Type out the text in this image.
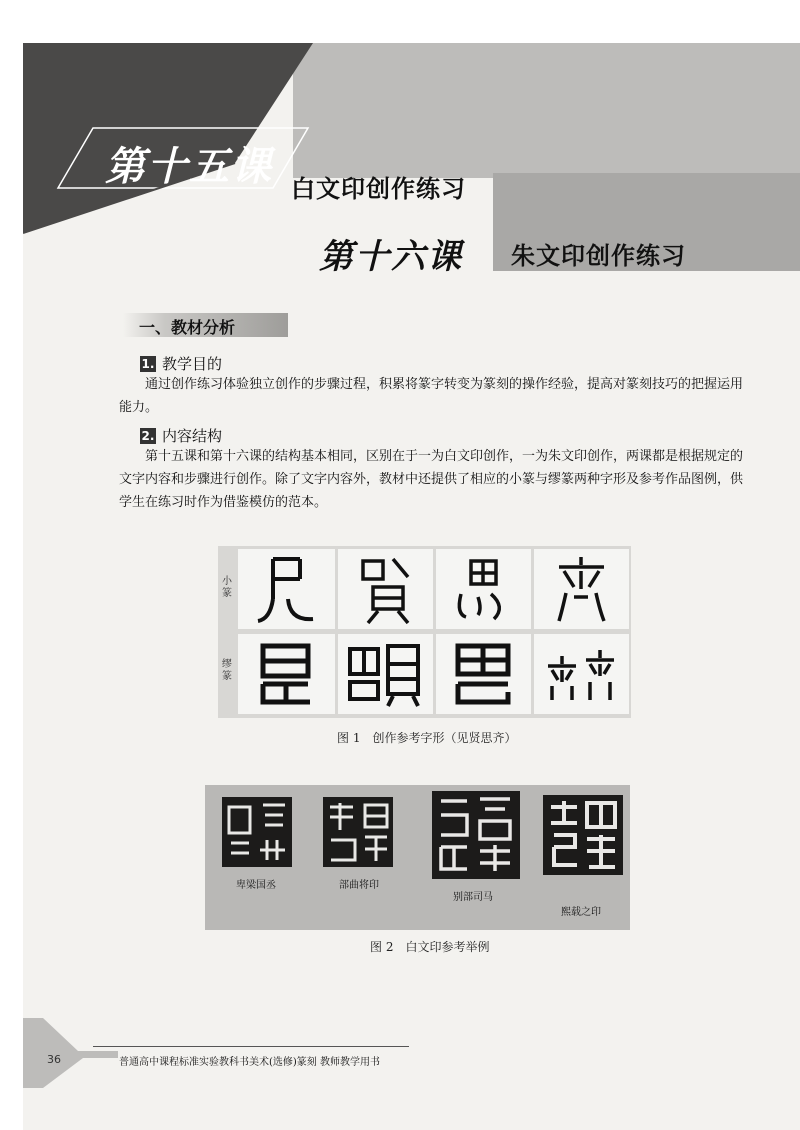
第十五课 白文印创作练习
第十六课 朱文印创作练习
一、教材分析
1. 教学目的
通过创作练习体验独立创作的步骤过程，积累将篆字转变为篆刻的操作经验，提高对篆刻技巧的把握运用能力。
2. 内容结构
第十五课和第十六课的结构基本相同，区别在于一为白文印创作，一为朱文印创作，两课都是根据规定的文字内容和步骤进行创作。除了文字内容外，教材中还提供了相应的小篆与缪篆两种字形及参考作品图例，供学生在练习时作为借鉴模仿的范本。
小篆
缪篆
图 1　创作参考字形（见贤思齐）
卑梁国丞	部曲将印
别部司马
熙载之印
图 2　白文印参考举例
36	普通高中课程标准实验教科书美术(选修)篆刻 教师教学用书
